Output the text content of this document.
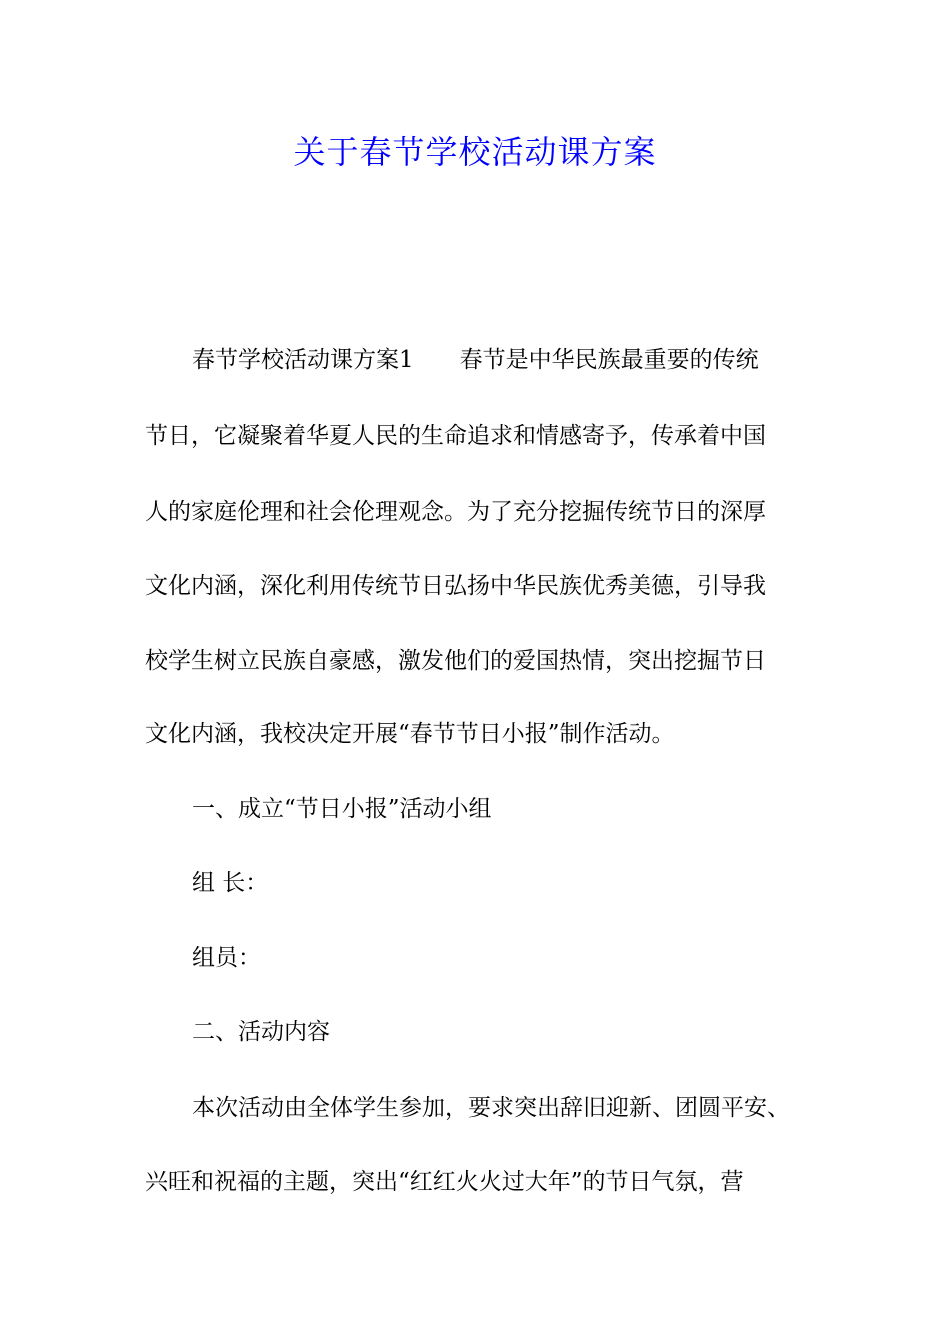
关于春节学校活动课方案
春节学校活动课方案1　　春节是中华民族最重要的传统
节日，它凝聚着华夏人民的生命追求和情感寄予，传承着中国
人的家庭伦理和社会伦理观念。为了充分挖掘传统节日的深厚
文化内涵，深化利用传统节日弘扬中华民族优秀美德，引导我
校学生树立民族自豪感，激发他们的爱国热情，突出挖掘节日
文化内涵，我校决定开展“春节节日小报”制作活动。
一、成立“节日小报”活动小组
组 长：
组员：
二、活动内容
本次活动由全体学生参加，要求突出辞旧迎新、团圆平安、
兴旺和祝福的主题，突出“红红火火过大年”的节日气氛，营
